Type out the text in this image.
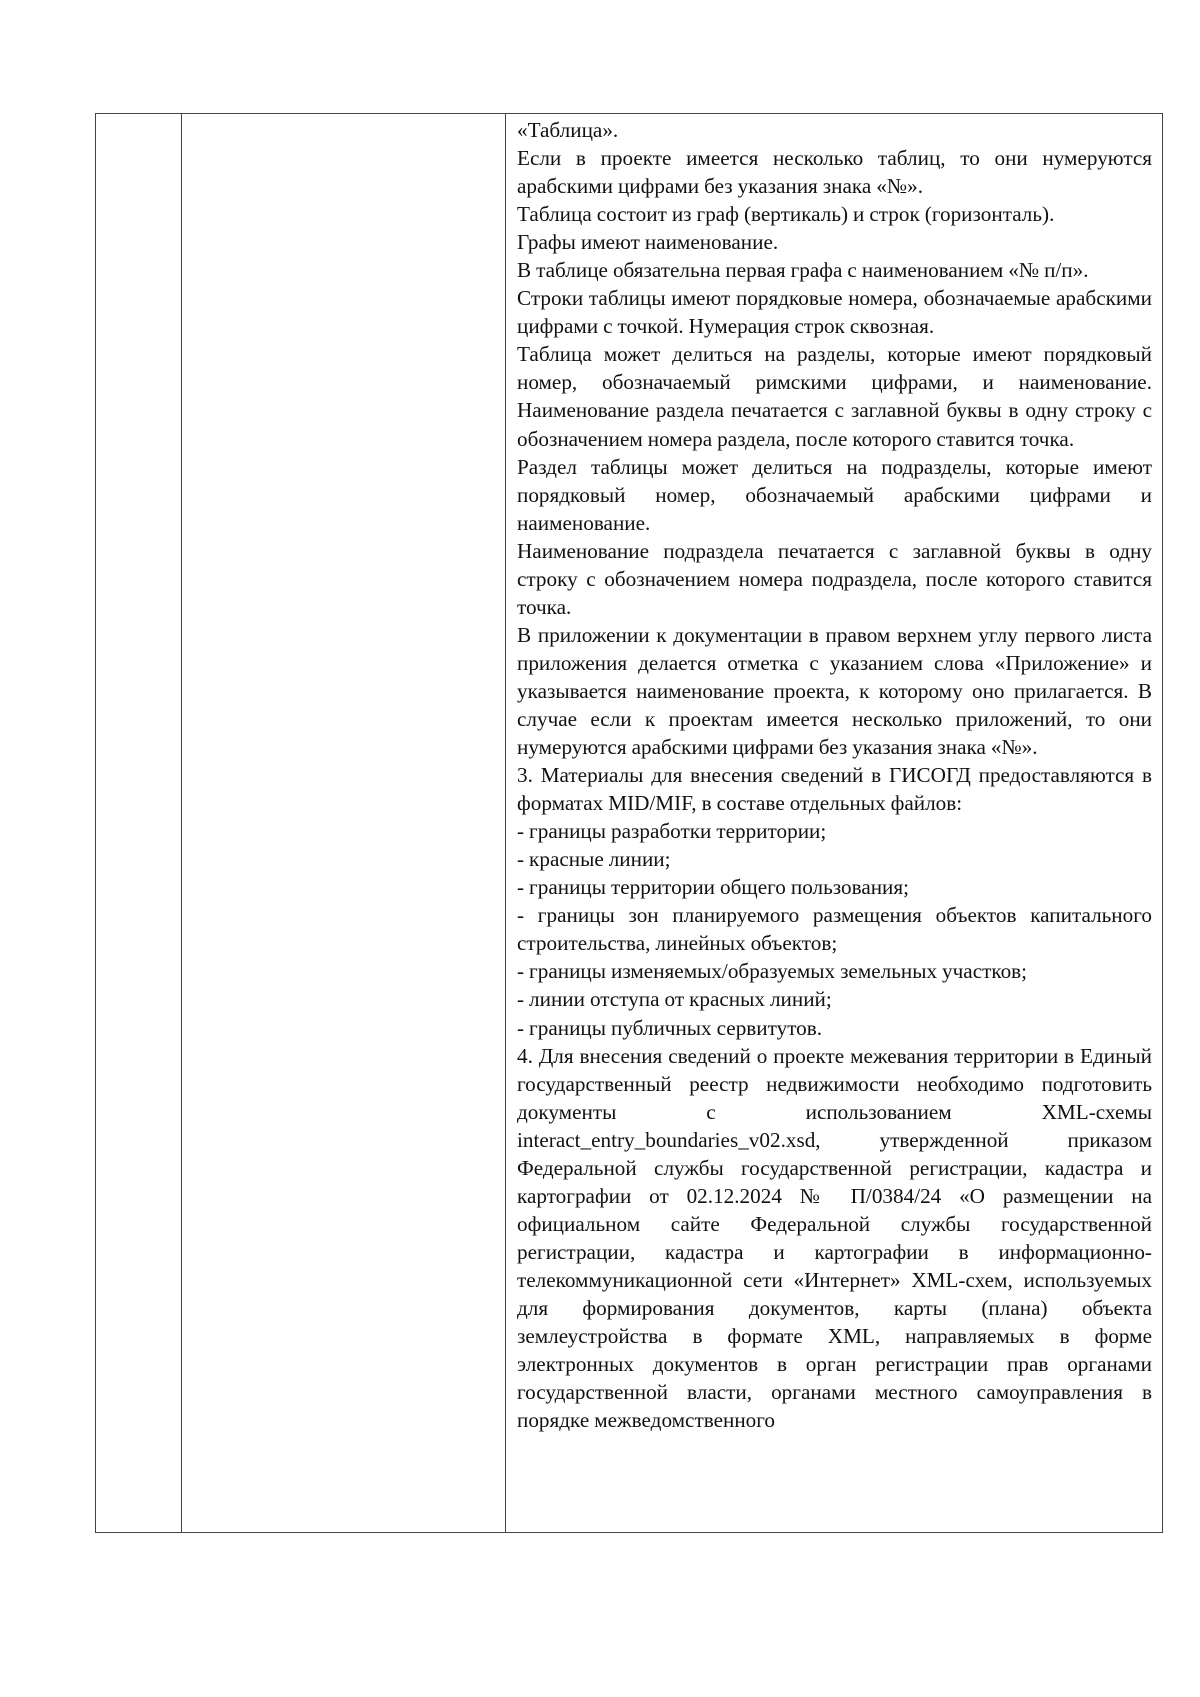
«Таблица».

Если в проекте имеется несколько таблиц, то они нумеруются арабскими цифрами без указания знака «№».

Таблица состоит из граф (вертикаль) и строк (горизонталь).

Графы имеют наименование.

В таблице обязательна первая графа с наименованием «№ п/п».

Строки таблицы имеют порядковые номера, обозначаемые арабскими цифрами с точкой. Нумерация строк сквозная.

Таблица может делиться на разделы, которые имеют порядковый номер, обозначаемый римскими цифрами, и наименование. Наименование раздела печатается с заглавной буквы в одну строку с обозначением номера раздела, после которого ставится точка.

Раздел таблицы может делиться на подразделы, которые имеют порядковый номер, обозначаемый арабскими цифрами и наименование.

Наименование подраздела печатается с заглавной буквы в одну строку с обозначением номера подраздела, после которого ставится точка.

В приложении к документации в правом верхнем углу первого листа приложения делается отметка с указанием слова «Приложение» и указывается наименование проекта, к которому оно прилагается. В случае если к проектам имеется несколько приложений, то они нумеруются арабскими цифрами без указания знака «№».

3. Материалы для внесения сведений в ГИСОГД предоставляются в форматах MID/MIF, в составе отдельных файлов:

- границы разработки территории;

- красные линии;

- границы территории общего пользования;

- границы зон планируемого размещения объектов капитального строительства, линейных объектов;

- границы изменяемых/образуемых земельных участков;

- линии отступа от красных линий;

- границы публичных сервитутов.

4. Для внесения сведений о проекте межевания территории в Единый государственный реестр недвижимости необходимо подготовить документы с использованием XML-схемы interact_entry_boundaries_v02.xsd, утвержденной приказом Федеральной службы государственной регистрации, кадастра и картографии от 02.12.2024 № П/0384/24 «О размещении на официальном сайте Федеральной службы государственной регистрации, кадастра и картографии в информационно-телекоммуникационной сети «Интернет» XML-схем, используемых для формирования документов, карты (плана) объекта землеустройства в формате XML, направляемых в форме электронных документов в орган регистрации прав органами государственной власти, органами местного самоуправления в порядке межведомственного
